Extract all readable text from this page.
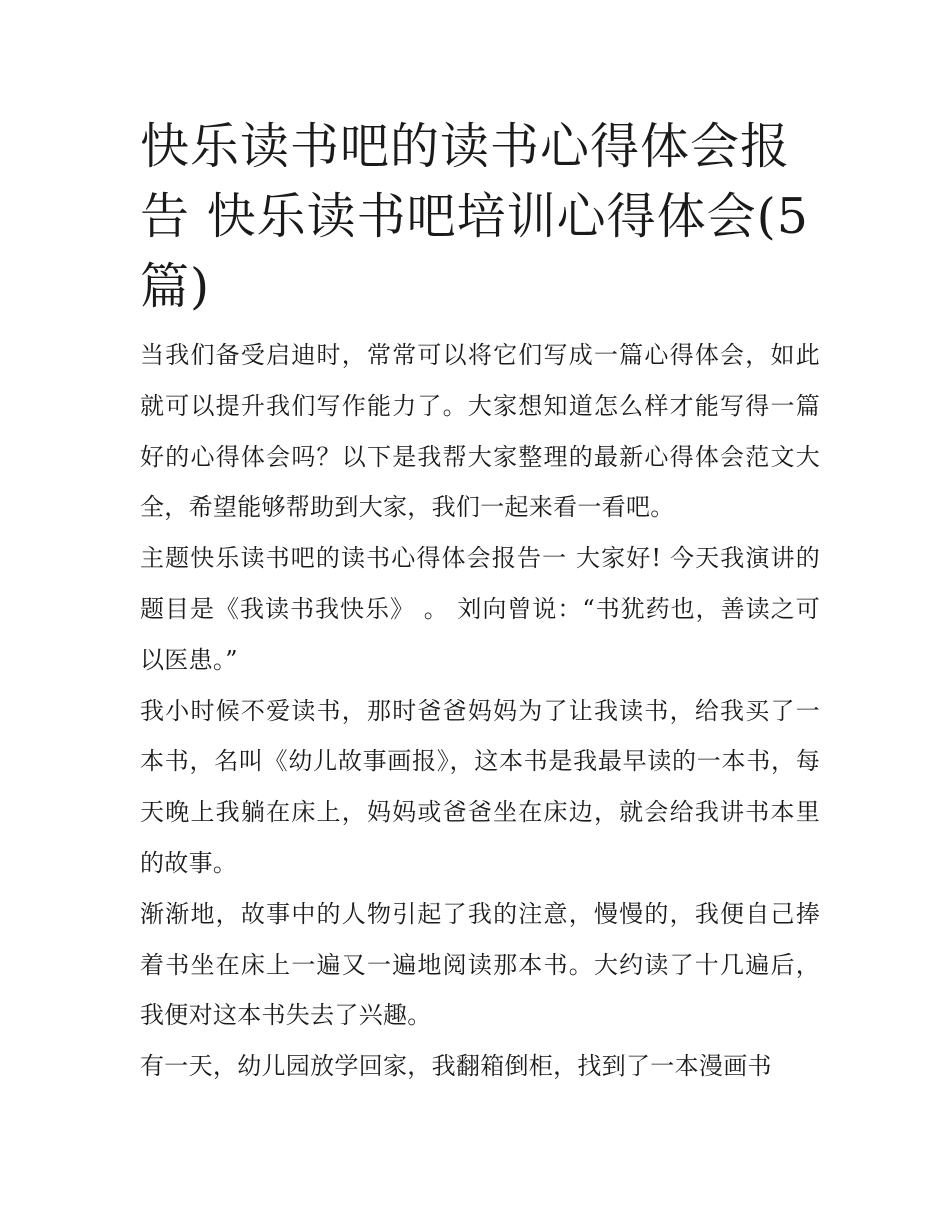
快乐读书吧的读书心得体会报告 快乐读书吧培训心得体会(5篇)

当我们备受启迪时，常常可以将它们写成一篇心得体会，如此就可以提升我们写作能力了。大家想知道怎么样才能写得一篇好的心得体会吗？以下是我帮大家整理的最新心得体会范文大全，希望能够帮助到大家，我们一起来看一看吧。

主题快乐读书吧的读书心得体会报告一 大家好! 今天我演讲的题目是《我读书我快乐》 。 刘向曾说：“书犹药也，善读之可以医患。”

我小时候不爱读书，那时爸爸妈妈为了让我读书，给我买了一本书，名叫《幼儿故事画报》，这本书是我最早读的一本书，每天晚上我躺在床上，妈妈或爸爸坐在床边，就会给我讲书本里的故事。

渐渐地，故事中的人物引起了我的注意，慢慢的，我便自己捧着书坐在床上一遍又一遍地阅读那本书。大约读了十几遍后，我便对这本书失去了兴趣。

有一天，幼儿园放学回家，我翻箱倒柜，找到了一本漫画书
